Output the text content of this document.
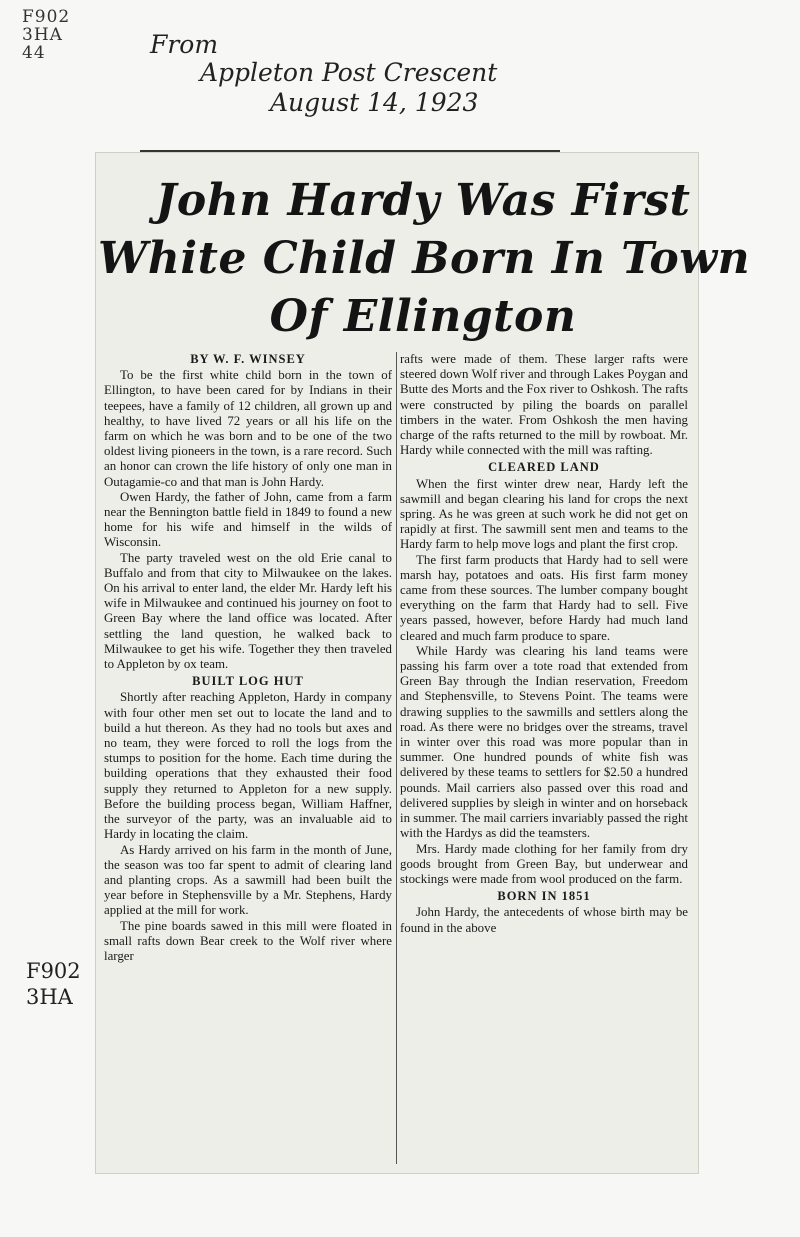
F902
3HA
44	From
Appleton Post Crescent
August 14, 1923
John Hardy Was First
White Child Born In Town
Of Ellington
BY W. F. WINSEY

To be the first white child born in the town of Ellington, to have been cared for by Indians in their teepees, have a family of 12 children, all grown up and healthy, to have lived 72 years or all his life on the farm on which he was born and to be one of the two oldest living pioneers in the town, is a rare record. Such an honor can crown the life history of only one man in Outagamie-co and that man is John Hardy.

Owen Hardy, the father of John, came from a farm near the Bennington battle field in 1849 to found a new home for his wife and himself in the wilds of Wisconsin.

The party traveled west on the old Erie canal to Buffalo and from that city to Milwaukee on the lakes. On his arrival to enter land, the elder Mr. Hardy left his wife in Milwaukee and continued his journey on foot to Green Bay where the land office was located. After settling the land question, he walked back to Milwaukee to get his wife. Together they then traveled to Appleton by ox team.

BUILT LOG HUT

Shortly after reaching Appleton, Hardy in company with four other men set out to locate the land and to build a hut thereon. As they had no tools but axes and no team, they were forced to roll the logs from the stumps to position for the home. Each time during the building operations that they exhausted their food supply they returned to Appleton for a new supply. Before the building process began, William Haffner, the surveyor of the party, was an invaluable aid to Hardy in locating the claim.

As Hardy arrived on his farm in the month of June, the season was too far spent to admit of clearing land and planting crops. As a sawmill had been built the year before in Stephensville by a Mr. Stephens, Hardy applied at the mill for work.

The pine boards sawed in this mill were floated in small rafts down Bear creek to the Wolf river where larger

rafts were made of them. These larger rafts were steered down Wolf river and through Lakes Poygan and Butte des Morts and the Fox river to Oshkosh. The rafts were constructed by piling the boards on parallel timbers in the water. From Oshkosh the men having charge of the rafts returned to the mill by rowboat. Mr. Hardy while connected with the mill was rafting.

CLEARED LAND

When the first winter drew near, Hardy left the sawmill and began clearing his land for crops the next spring. As he was green at such work he did not get on rapidly at first. The sawmill sent men and teams to the Hardy farm to help move logs and plant the first crop.

The first farm products that Hardy had to sell were marsh hay, potatoes and oats. His first farm money came from these sources. The lumber company bought everything on the farm that Hardy had to sell. Five years passed, however, before Hardy had much land cleared and much farm produce to spare.

While Hardy was clearing his land teams were passing his farm over a tote road that extended from Green Bay through the Indian reservation, Freedom and Stephensville, to Stevens Point. The teams were drawing supplies to the sawmills and settlers along the road. As there were no bridges over the streams, travel in winter over this road was more popular than in summer. One hundred pounds of white fish was delivered by these teams to settlers for $2.50 a hundred pounds. Mail carriers also passed over this road and delivered supplies by sleigh in winter and on horseback in summer. The mail carriers invariably passed the right with the Hardys as did the teamsters.

Mrs. Hardy made clothing for her family from dry goods brought from Green Bay, but underwear and stockings were made from wool produced on the farm.

BORN IN 1851

John Hardy, the antecedents of whose birth may be found in the above

F902
3HA
